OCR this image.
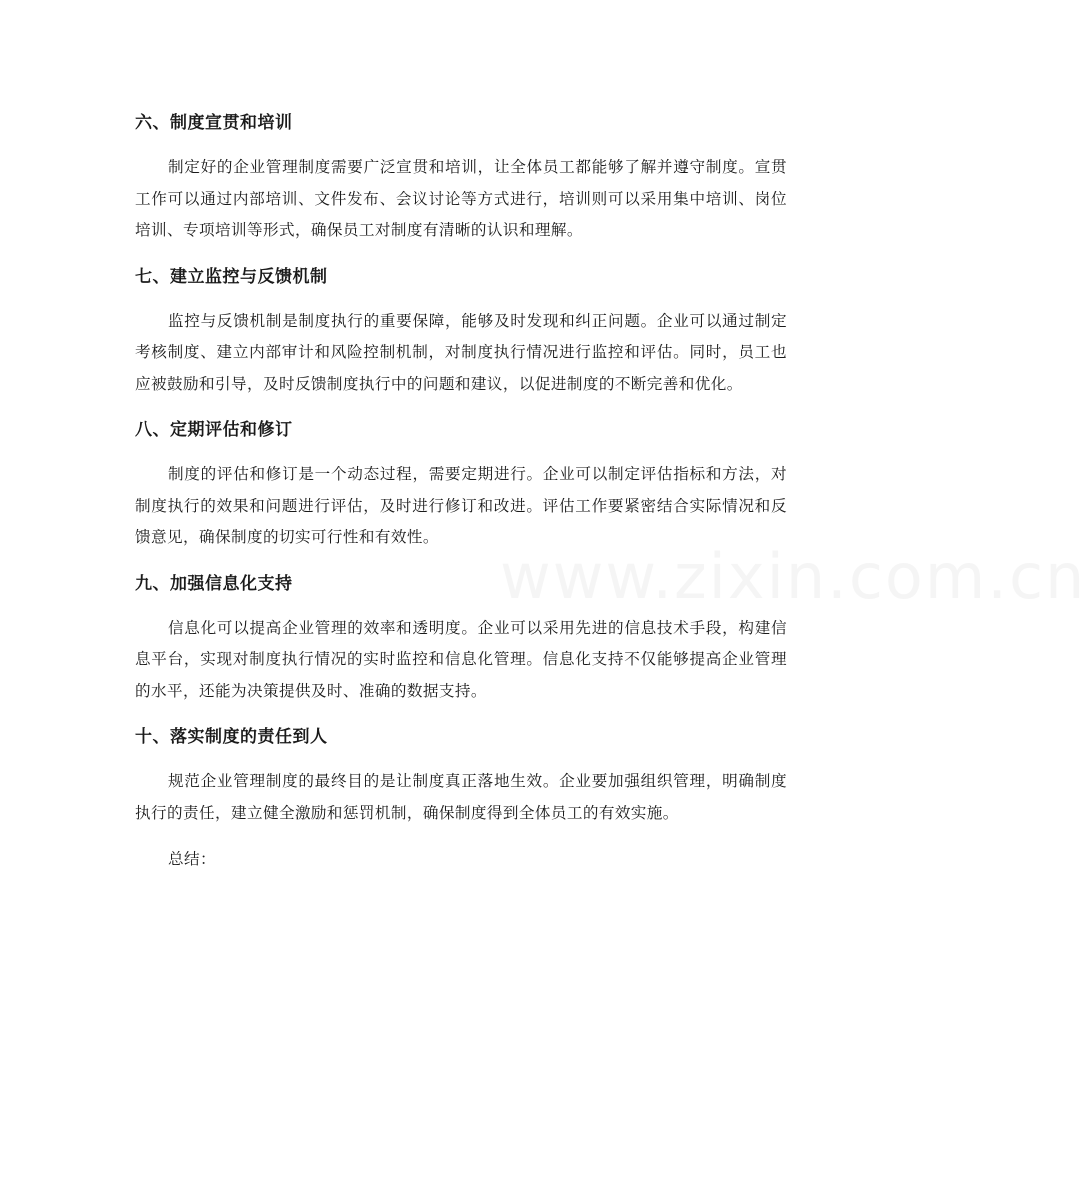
www.zixin.com.cn
六、制度宣贯和培训

制定好的企业管理制度需要广泛宣贯和培训，让全体员工都能够了解并遵守制度。宣贯工作可以通过内部培训、文件发布、会议讨论等方式进行，培训则可以采用集中培训、岗位培训、专项培训等形式，确保员工对制度有清晰的认识和理解。

七、建立监控与反馈机制

监控与反馈机制是制度执行的重要保障，能够及时发现和纠正问题。企业可以通过制定考核制度、建立内部审计和风险控制机制，对制度执行情况进行监控和评估。同时，员工也应被鼓励和引导，及时反馈制度执行中的问题和建议，以促进制度的不断完善和优化。

八、定期评估和修订

制度的评估和修订是一个动态过程，需要定期进行。企业可以制定评估指标和方法，对制度执行的效果和问题进行评估，及时进行修订和改进。评估工作要紧密结合实际情况和反馈意见，确保制度的切实可行性和有效性。

九、加强信息化支持

信息化可以提高企业管理的效率和透明度。企业可以采用先进的信息技术手段，构建信息平台，实现对制度执行情况的实时监控和信息化管理。信息化支持不仅能够提高企业管理的水平，还能为决策提供及时、准确的数据支持。

十、落实制度的责任到人

规范企业管理制度的最终目的是让制度真正落地生效。企业要加强组织管理，明确制度执行的责任，建立健全激励和惩罚机制，确保制度得到全体员工的有效实施。

总结：
